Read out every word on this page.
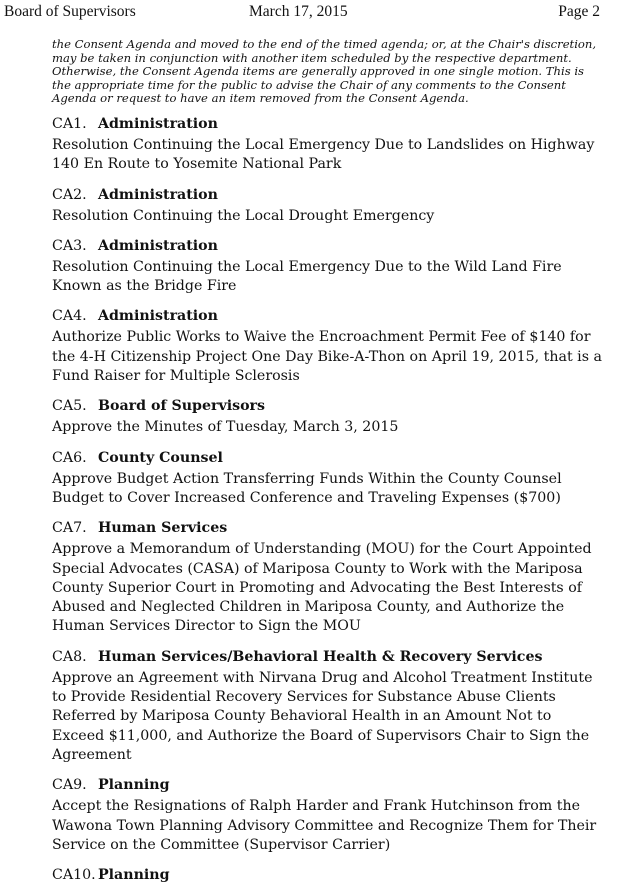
Board of Supervisors	March 17, 2015	Page 2
the Consent Agenda and moved to the end of the timed agenda; or, at the Chair's discretion, may be taken in conjunction with another item scheduled by the respective department. Otherwise, the Consent Agenda items are generally approved in one single motion. This is the appropriate time for the public to advise the Chair of any comments to the Consent Agenda or request to have an item removed from the Consent Agenda.
CA1. Administration
Resolution Continuing the Local Emergency Due to Landslides on Highway 140 En Route to Yosemite National Park
CA2. Administration
Resolution Continuing the Local Drought Emergency
CA3. Administration
Resolution Continuing the Local Emergency Due to the Wild Land Fire Known as the Bridge Fire
CA4. Administration
Authorize Public Works to Waive the Encroachment Permit Fee of $140 for the 4-H Citizenship Project One Day Bike-A-Thon on April 19, 2015, that is a Fund Raiser for Multiple Sclerosis
CA5. Board of Supervisors
Approve the Minutes of Tuesday, March 3, 2015
CA6. County Counsel
Approve Budget Action Transferring Funds Within the County Counsel Budget to Cover Increased Conference and Traveling Expenses ($700)
CA7. Human Services
Approve a Memorandum of Understanding (MOU) for the Court Appointed Special Advocates (CASA) of Mariposa County to Work with the Mariposa County Superior Court in Promoting and Advocating the Best Interests of Abused and Neglected Children in Mariposa County, and Authorize the Human Services Director to Sign the MOU
CA8. Human Services/Behavioral Health & Recovery Services
Approve an Agreement with Nirvana Drug and Alcohol Treatment Institute to Provide Residential Recovery Services for Substance Abuse Clients Referred by Mariposa County Behavioral Health in an Amount Not to Exceed $11,000, and Authorize the Board of Supervisors Chair to Sign the Agreement
CA9. Planning
Accept the Resignations of Ralph Harder and Frank Hutchinson from the Wawona Town Planning Advisory Committee and Recognize Them for Their Service on the Committee (Supervisor Carrier)
CA10. Planning
